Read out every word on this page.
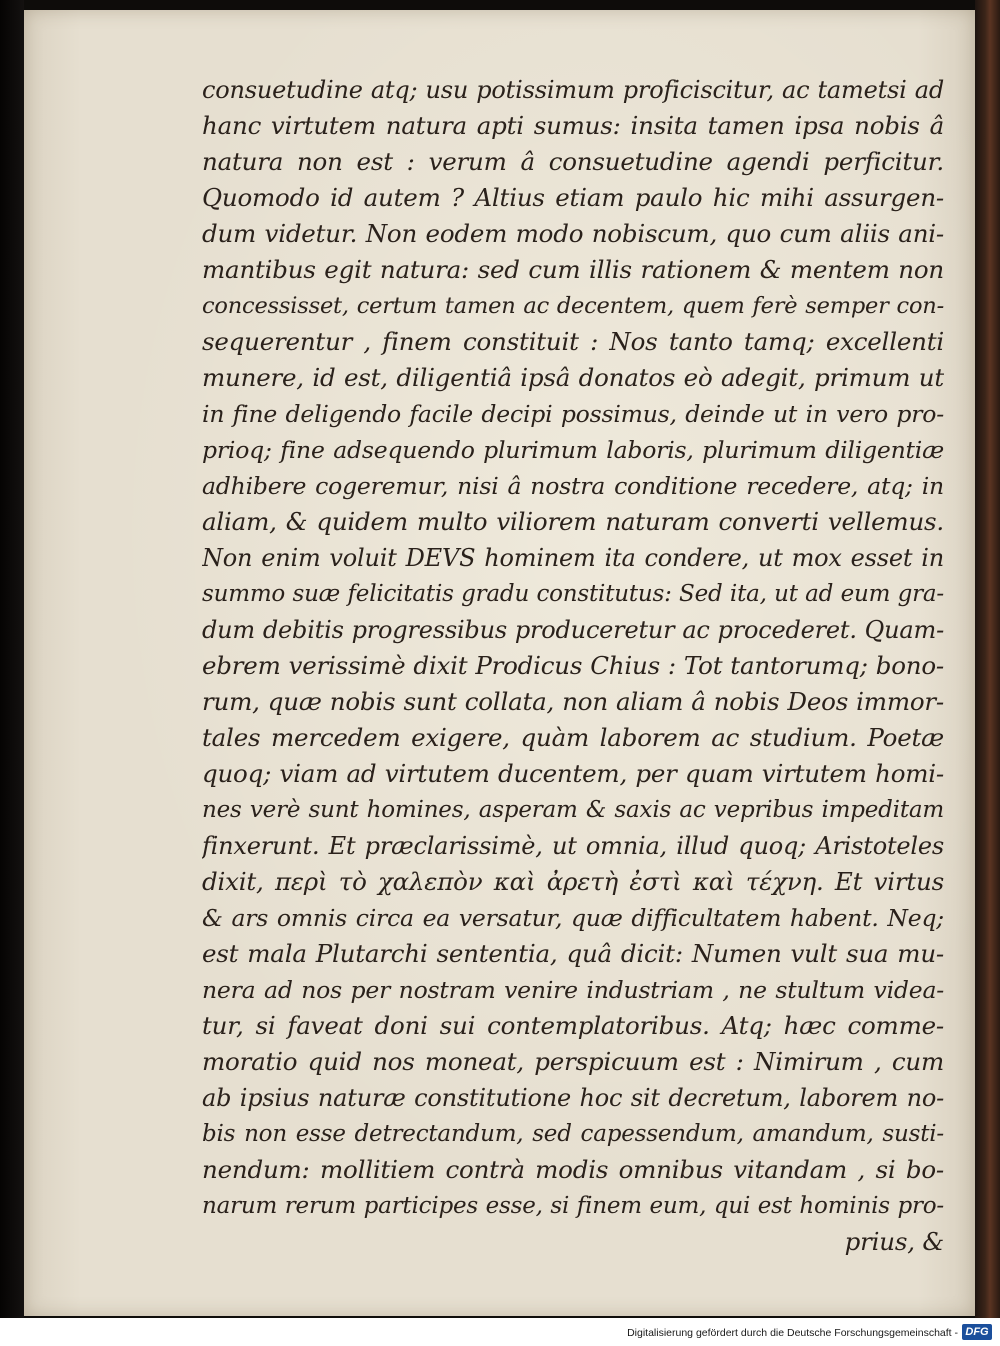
consuetudine atq; usu potissimum proficiscitur, ac tametsi ad
hanc virtutem natura apti sumus: insita tamen ipsa nobis â
natura non est : verum â consuetudine agendi perficitur.
Quomodo id autem ? Altius etiam paulo hic mihi assurgen-
dum videtur. Non eodem modo nobiscum, quo cum aliis ani-
mantibus egit natura: sed cum illis rationem & mentem non
concessisset, certum tamen ac decentem, quem ferè semper con-
sequerentur , finem constituit : Nos tanto tamq; excellenti
munere, id est, diligentiâ ipsâ donatos eò adegit, primum ut
in fine deligendo facile decipi possimus, deinde ut in vero pro-
prioq; fine adsequendo plurimum laboris, plurimum diligentiæ
adhibere cogeremur, nisi â nostra conditione recedere, atq; in
aliam, & quidem multo viliorem naturam converti vellemus.
Non enim voluit DEVS hominem ita condere, ut mox esset in
summo suæ felicitatis gradu constitutus: Sed ita, ut ad eum gra-
dum debitis progressibus produceretur ac procederet. Quam-
ebrem verissimè dixit Prodicus Chius : Tot tantorumq; bono-
rum, quæ nobis sunt collata, non aliam â nobis Deos immor-
tales mercedem exigere, quàm laborem ac studium. Poetæ
quoq; viam ad virtutem ducentem, per quam virtutem homi-
nes verè sunt homines, asperam & saxis ac vepribus impeditam
finxerunt. Et præclarissimè, ut omnia, illud quoq; Aristoteles
dixit, περὶ τὸ χαλεπὸν καὶ ἀρετὴ ἐστὶ καὶ τέχνη. Et virtus
& ars omnis circa ea versatur, quæ difficultatem habent. Neq;
est mala Plutarchi sententia, quâ dicit: Numen vult sua mu-
nera ad nos per nostram venire industriam , ne stultum videa-
tur, si faveat doni sui contemplatoribus. Atq; hæc comme-
moratio quid nos moneat, perspicuum est : Nimirum , cum
ab ipsius naturæ constitutione hoc sit decretum, laborem no-
bis non esse detrectandum, sed capessendum, amandum, susti-
nendum: mollitiem contrà modis omnibus vitandam , si bo-
narum rerum participes esse, si finem eum, qui est hominis pro-
prius, &
Digitalisierung gefördert durch die Deutsche Forschungsgemeinschaft - DFG
